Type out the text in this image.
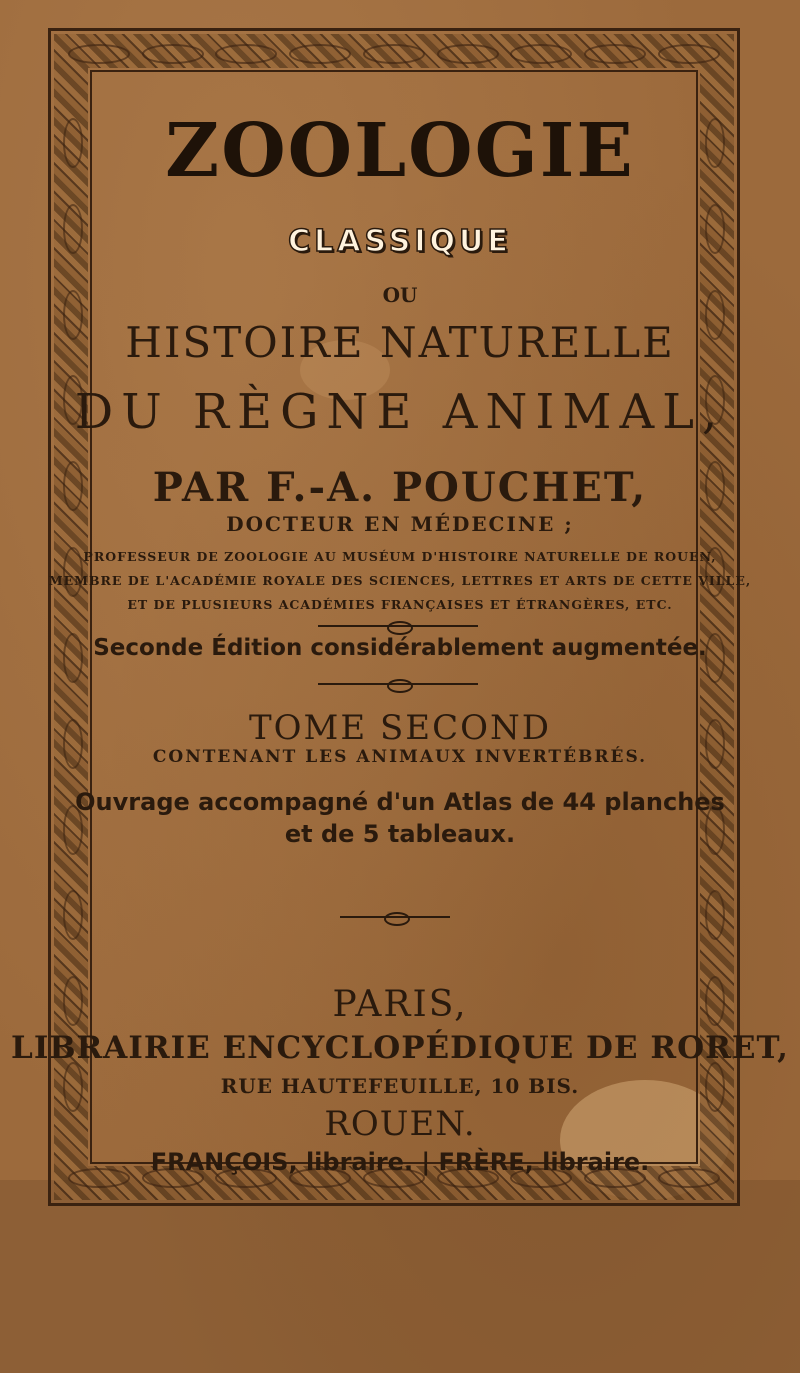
ZOOLOGIE
CLASSIQUE
OU
HISTOIRE NATURELLE
DU RÈGNE ANIMAL,
PAR F.-A. POUCHET,
DOCTEUR EN MÉDECINE ;
PROFESSEUR DE ZOOLOGIE AU MUSÉUM D'HISTOIRE NATURELLE DE ROUEN,
MEMBRE DE L'ACADÉMIE ROYALE DES SCIENCES, LETTRES ET ARTS DE CETTE VILLE,
ET DE PLUSIEURS ACADÉMIES FRANÇAISES ET ÉTRANGÈRES, ETC.
Seconde Édition considérablement augmentée.
TOME SECOND
CONTENANT LES ANIMAUX INVERTÉBRÉS.
Ouvrage accompagné d'un Atlas de 44 planches
et de 5 tableaux.
PARIS,
LIBRAIRIE ENCYCLOPÉDIQUE DE RORET,
RUE HAUTEFEUILLE, 10 BIS.
ROUEN.
FRANÇOIS, libraire. | FRÈRE, libraire.
